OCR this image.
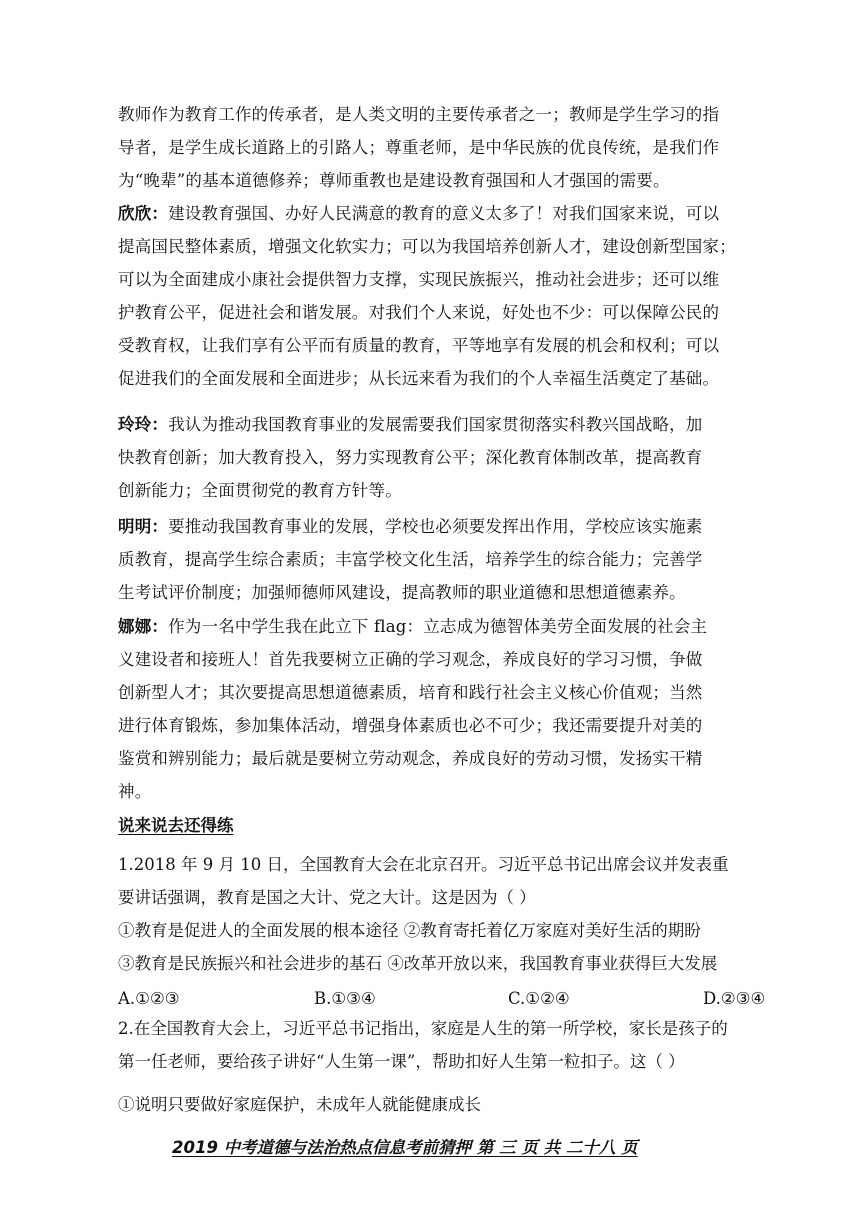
教师作为教育工作的传承者，是人类文明的主要传承者之一；教师是学生学习的指
导者，是学生成长道路上的引路人；尊重老师，是中华民族的优良传统，是我们作
为“晚辈”的基本道德修养；尊师重教也是建设教育强国和人才强国的需要。
欣欣：建设教育强国、办好人民满意的教育的意义太多了！对我们国家来说，可以
提高国民整体素质，增强文化软实力；可以为我国培养创新人才，建设创新型国家；
可以为全面建成小康社会提供智力支撑，实现民族振兴，推动社会进步；还可以维
护教育公平，促进社会和谐发展。对我们个人来说，好处也不少：可以保障公民的
受教育权，让我们享有公平而有质量的教育，平等地享有发展的机会和权利；可以
促进我们的全面发展和全面进步；从长远来看为我们的个人幸福生活奠定了基础。
玲玲：我认为推动我国教育事业的发展需要我们国家贯彻落实科教兴国战略，加
快教育创新；加大教育投入，努力实现教育公平；深化教育体制改革，提高教育
创新能力；全面贯彻党的教育方针等。
明明：要推动我国教育事业的发展，学校也必须要发挥出作用，学校应该实施素
质教育，提高学生综合素质；丰富学校文化生活，培养学生的综合能力；完善学
生考试评价制度；加强师德师风建设，提高教师的职业道德和思想道德素养。
娜娜：作为一名中学生我在此立下 flag：立志成为德智体美劳全面发展的社会主
义建设者和接班人！首先我要树立正确的学习观念，养成良好的学习习惯，争做
创新型人才；其次要提高思想道德素质，培育和践行社会主义核心价值观；当然
进行体育锻炼，参加集体活动，增强身体素质也必不可少；我还需要提升对美的
鉴赏和辨别能力；最后就是要树立劳动观念，养成良好的劳动习惯，发扬实干精
神。
说来说去还得练
1.2018 年 9 月 10 日，全国教育大会在北京召开。习近平总书记出席会议并发表重
要讲话强调，教育是国之大计、党之大计。这是因为（ ）
①教育是促进人的全面发展的根本途径 ②教育寄托着亿万家庭对美好生活的期盼
③教育是民族振兴和社会进步的基石 ④改革开放以来，我国教育事业获得巨大发展
A.①②③	B.①③④	C.①②④	D.②③④
2.在全国教育大会上，习近平总书记指出，家庭是人生的第一所学校，家长是孩子的
第一任老师，要给孩子讲好“人生第一课”，帮助扣好人生第一粒扣子。这（ ）
①说明只要做好家庭保护，未成年人就能健康成长
2019 中考道德与法治热点信息考前猜押 第 三 页 共 二十八 页
